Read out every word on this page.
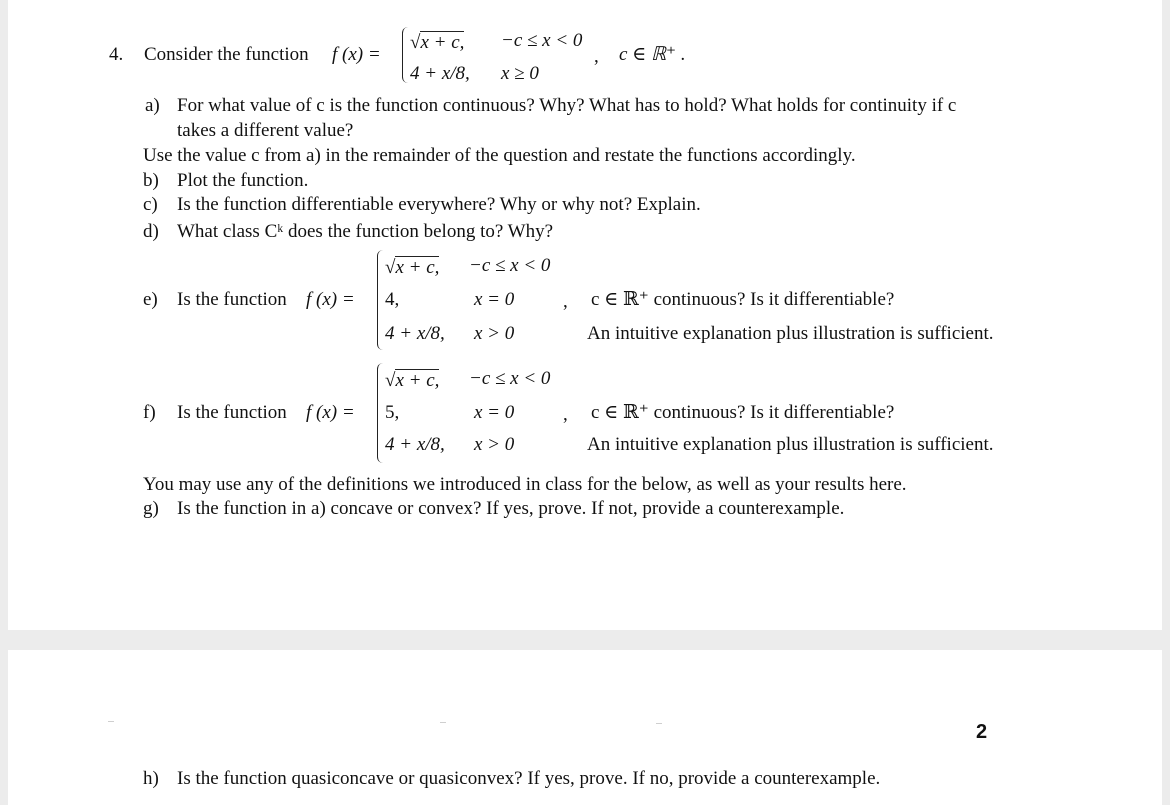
4. Consider the function f (x) =
√x + c, −c ≤ x < 0
4 + x/8, x ≥ 0
, c ∈ ℝ⁺ .
a) For what value of c is the function continuous? Why? What has to hold? What holds for continuity if c
takes a different value?
Use the value c from a) in the remainder of the question and restate the functions accordingly.
b) Plot the function.
c) Is the function differentiable everywhere? Why or why not? Explain.
d) What class Cᵏ does the function belong to? Why?
√x + c, −c ≤ x < 0
e) Is the function f (x) = 4,	x = 0	, c ∈ ℝ⁺ continuous? Is it differentiable?
4 + x/8, x > 0	An intuitive explanation plus illustration is sufficient.
√x + c, −c ≤ x < 0
f) Is the function f (x) = 5,	x = 0	, c ∈ ℝ⁺ continuous? Is it differentiable?
4 + x/8, x > 0	An intuitive explanation plus illustration is sufficient.
You may use any of the definitions we introduced in class for the below, as well as your results here.
g) Is the function in a) concave or convex? If yes, prove. If not, provide a counterexample.
2
h) Is the function quasiconcave or quasiconvex? If yes, prove. If no, provide a counterexample.
